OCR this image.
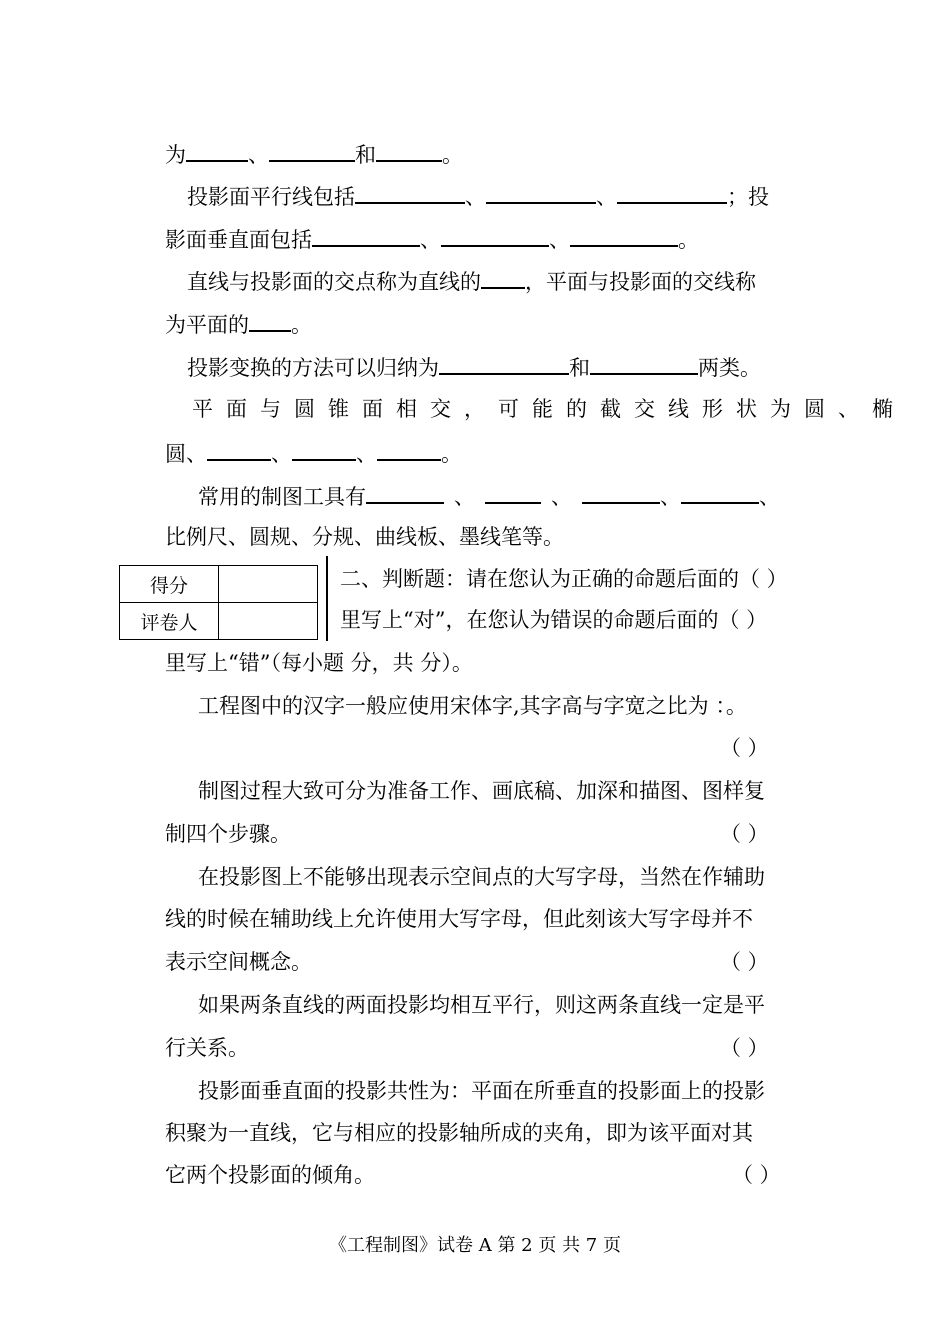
为	、	和	。
投影面平行线包括	、	、	；投
影面垂直面包括	、	、	。
直线与投影面的交点称为直线的 ，平面与投影面的交线称
为平面的 。
投影变换的方法可以归纳为	和	两类。
平面与圆锥面相交，可能的截交线形状为圆、椭
圆、	、	、	。
常用的制图工具有	、	、	、	、
比例尺、圆规、分规、曲线板、墨线笔等。
得分	
评卷人	
二、判断题：请在您认为正确的命题后面的（ ）
里写上“对”，在您认为错误的命题后面的（ ）
里写上“错”（每小题 分，共 分）。
工程图中的汉字一般应使用宋体字,其字高与字宽之比为 ：。
（ ）
制图过程大致可分为准备工作、画底稿、加深和描图、图样复
制四个步骤。	（ ）
在投影图上不能够出现表示空间点的大写字母，当然在作辅助
线的时候在辅助线上允许使用大写字母，但此刻该大写字母并不
表示空间概念。	（ ）
如果两条直线的两面投影均相互平行，则这两条直线一定是平
行关系。	（ ）
投影面垂直面的投影共性为：平面在所垂直的投影面上的投影
积聚为一直线，它与相应的投影轴所成的夹角，即为该平面对其
它两个投影面的倾角。	（ ）
《工程制图》试卷 A 第 2 页 共 7 页
